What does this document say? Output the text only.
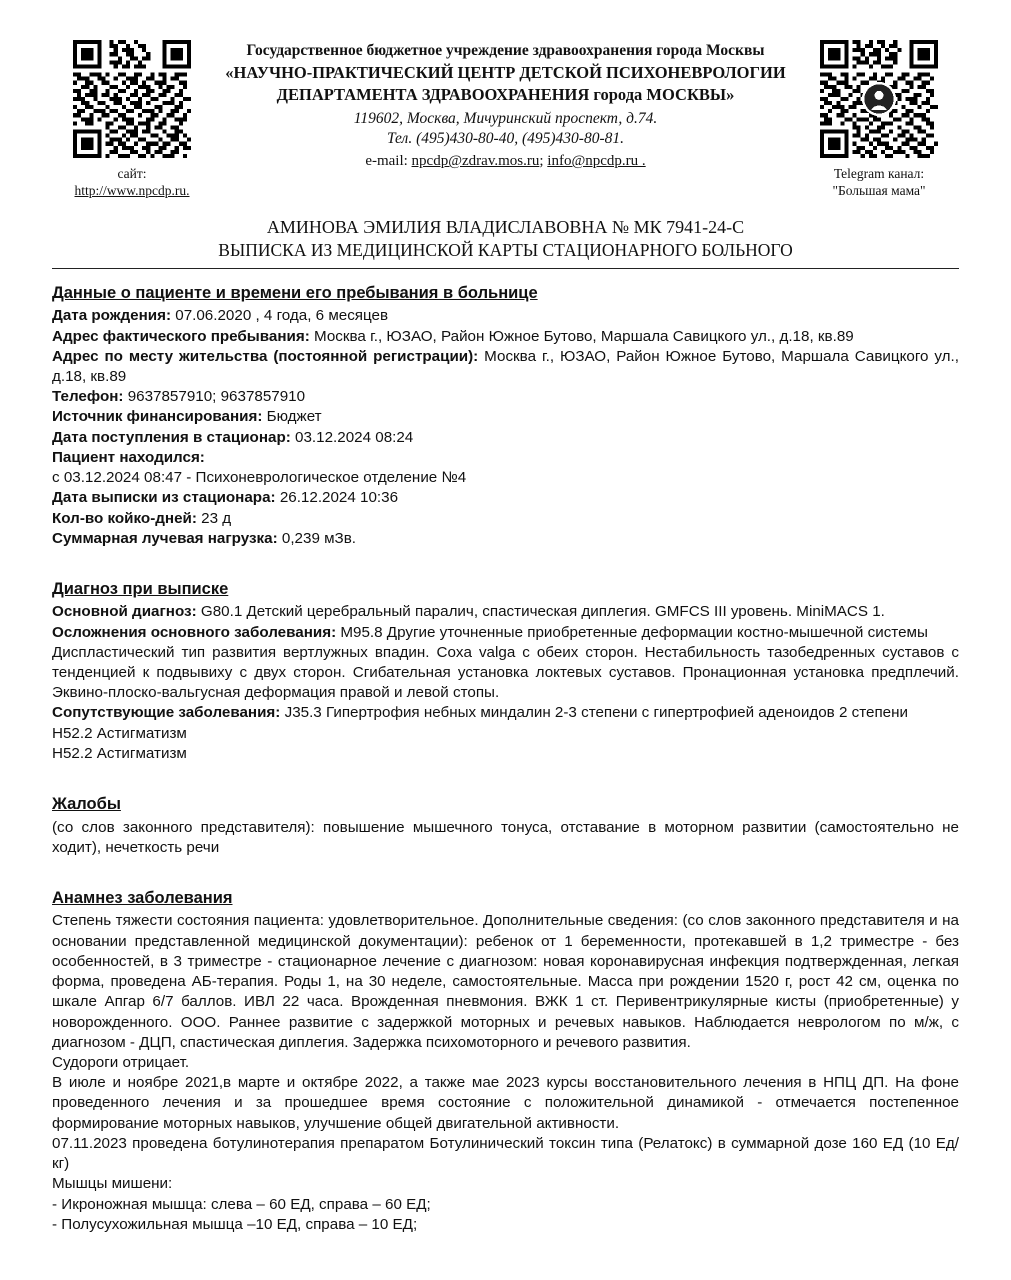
сайт:
http://www.npcdp.ru.
Государственное бюджетное учреждение здравоохранения города Москвы
«НАУЧНО-ПРАКТИЧЕСКИЙ ЦЕНТР ДЕТСКОЙ ПСИХОНЕВРОЛОГИИ
ДЕПАРТАМЕНТА ЗДРАВООХРАНЕНИЯ города МОСКВЫ»
119602, Москва, Мичуринский проспект, д.74.
Тел. (495)430-80-40, (495)430-80-81.
e-mail: npcdp@zdrav.mos.ru; info@npcdp.ru .
Telegram канал:
"Большая мама"
АМИНОВА ЭМИЛИЯ ВЛАДИСЛАВОВНА № МК 7941-24-С
ВЫПИСКА ИЗ МЕДИЦИНСКОЙ КАРТЫ СТАЦИОНАРНОГО БОЛЬНОГО
Данные о пациенте и времени его пребывания в больнице

Дата рождения: 07.06.2020 , 4 года, 6 месяцев

Адрес фактического пребывания: Москва г., ЮЗАО, Район Южное Бутово, Маршала Савицкого ул., д.18, кв.89

Адрес по месту жительства (постоянной регистрации): Москва г., ЮЗАО, Район Южное Бутово, Маршала Савицкого ул., д.18, кв.89

Телефон: 9637857910; 9637857910

Источник финансирования: Бюджет

Дата поступления в стационар: 03.12.2024 08:24

Пациент находился:

с 03.12.2024 08:47 - Психоневрологическое отделение №4

Дата выписки из стационара: 26.12.2024 10:36

Кол-во койко-дней: 23 д

Суммарная лучевая нагрузка: 0,239 мЗв.

Диагноз при выписке

Основной диагноз: G80.1 Детский церебральный паралич, спастическая диплегия. GMFCS III уровень. MiniMACS 1.

Осложнения основного заболевания: M95.8 Другие уточненные приобретенные деформации костно-мышечной системы

Диспластический тип развития вертлужных впадин. Coxa valga с обеих сторон. Нестабильность тазобедренных суставов с тенденцией к подвывиху с двух сторон. Сгибательная установка локтевых суставов. Пронационная установка предплечий. Эквино-плоско-вальгусная деформация правой и левой стопы.

Сопутствующие заболевания: J35.3 Гипертрофия небных миндалин 2-3 степени с гипертрофией аденоидов 2 степени

H52.2 Астигматизм

H52.2 Астигматизм

Жалобы

(со слов законного представителя): повышение мышечного тонуса, отставание в моторном развитии (самостоятельно не ходит), нечеткость речи

Анамнез заболевания

Степень тяжести состояния пациента: удовлетворительное. Дополнительные сведения: (со слов законного представителя и на основании представленной медицинской документации): ребенок от 1 беременности, протекавшей в 1,2 триместре - без особенностей, в 3 триместре - стационарное лечение с диагнозом: новая коронавирусная инфекция подтвержденная, легкая форма, проведена АБ-терапия. Роды 1, на 30 неделе, самостоятельные. Масса при рождении 1520 г, рост 42 см, оценка по шкале Апгар 6/7 баллов. ИВЛ 22 часа. Врожденная пневмония. ВЖК 1 ст. Перивентрикулярные кисты (приобретенные) у новорожденного. ООО. Раннее развитие с задержкой моторных и речевых навыков. Наблюдается неврологом по м/ж, с диагнозом - ДЦП, спастическая диплегия. Задержка психомоторного и речевого развития.

Судороги отрицает.

В июле и ноябре 2021,в марте и октябре 2022, а также мае 2023 курсы восстановительного лечения в НПЦ ДП. На фоне проведенного лечения и за прошедшее время состояние с положительной динамикой - отмечается постепенное формирование моторных навыков, улучшение общей двигательной активности.

07.11.2023 проведена ботулинотерапия препаратом Ботулинический токсин типа (Релатокс) в суммарной дозе 160 ЕД (10 Ед/кг)

Мышцы мишени:

- Икроножная мышца: слева – 60 ЕД, справа – 60 ЕД;

- Полусухожильная мышца –10 ЕД, справа – 10 ЕД;
